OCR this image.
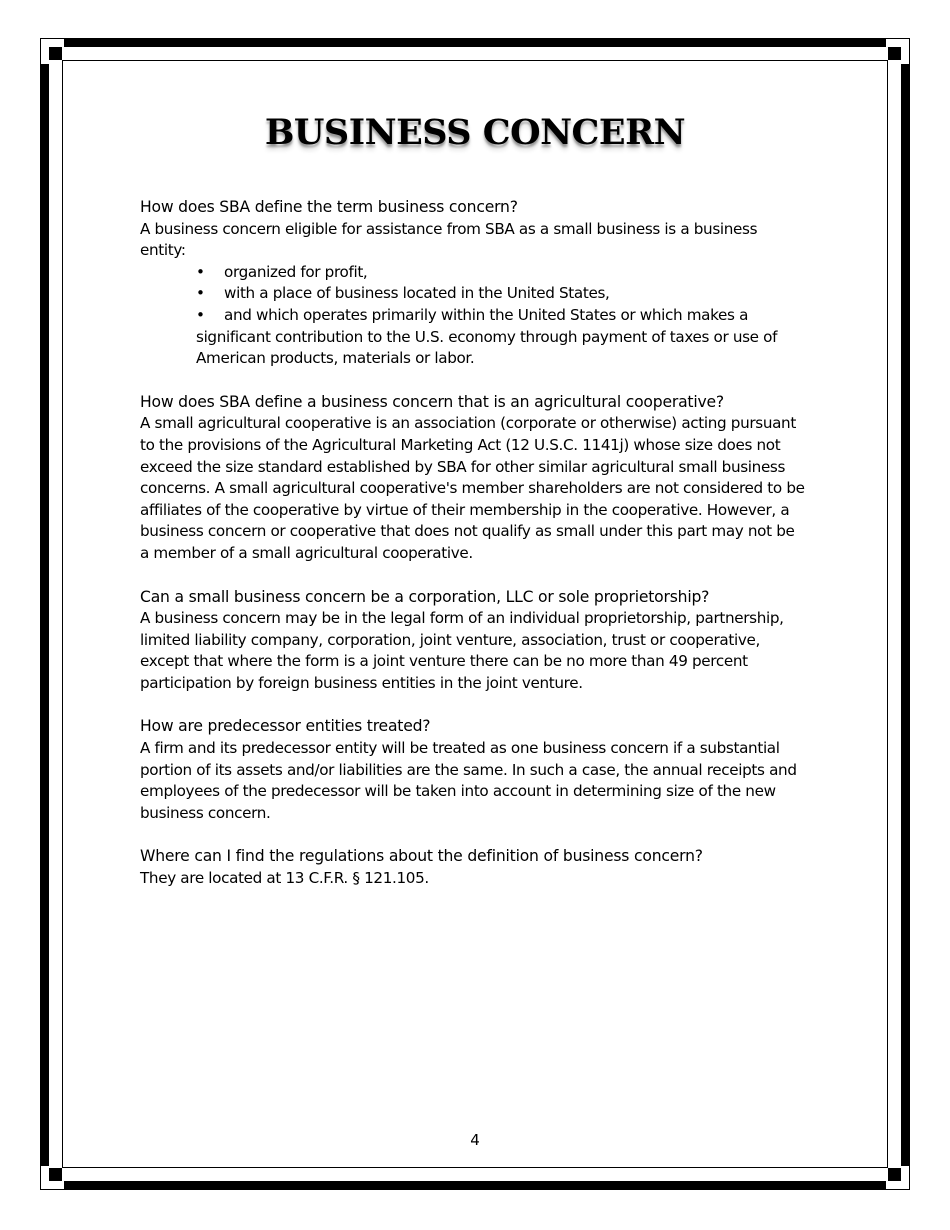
BUSINESS CONCERN

How does SBA define the term business concern?

A business concern eligible for assistance from SBA as a small business is a business entity:

• organized for profit,
• with a place of business located in the United States,
• and which operates primarily within the United States or which makes a significant contribution to the U.S. economy through payment of taxes or use of American products, materials or labor.

How does SBA define a business concern that is an agricultural cooperative?

A small agricultural cooperative is an association (corporate or otherwise) acting pursuant to the provisions of the Agricultural Marketing Act (12 U.S.C. 1141j) whose size does not exceed the size standard established by SBA for other similar agricultural small business concerns. A small agricultural cooperative's member shareholders are not considered to be affiliates of the cooperative by virtue of their membership in the cooperative. However, a business concern or cooperative that does not qualify as small under this part may not be a member of a small agricultural cooperative.

Can a small business concern be a corporation, LLC or sole proprietorship?

A business concern may be in the legal form of an individual proprietorship, partnership, limited liability company, corporation, joint venture, association, trust or cooperative, except that where the form is a joint venture there can be no more than 49 percent participation by foreign business entities in the joint venture.

How are predecessor entities treated?

A firm and its predecessor entity will be treated as one business concern if a substantial portion of its assets and/or liabilities are the same. In such a case, the annual receipts and employees of the predecessor will be taken into account in determining size of the new business concern.

Where can I find the regulations about the definition of business concern?

They are located at 13 C.F.R. § 121.105.

4
